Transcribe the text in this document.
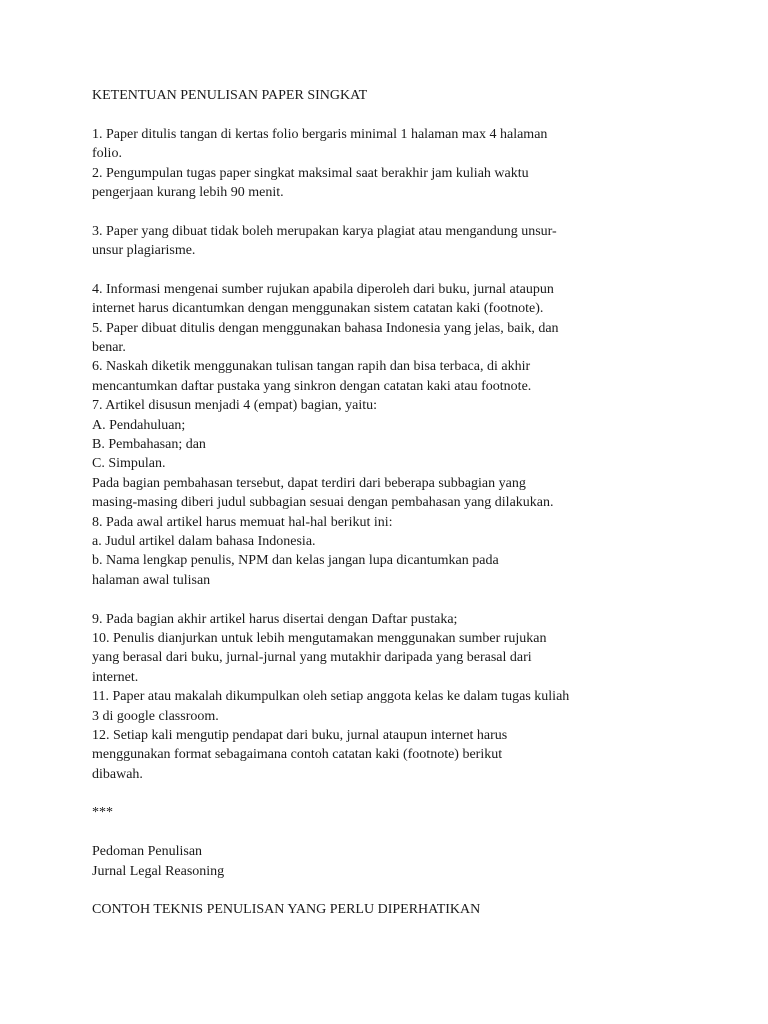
KETENTUAN PENULISAN PAPER SINGKAT
1. Paper ditulis tangan di kertas folio bergaris minimal 1 halaman max 4 halaman
folio.
2. Pengumpulan tugas paper singkat maksimal saat berakhir jam kuliah waktu
pengerjaan kurang lebih 90 menit.
3. Paper yang dibuat tidak boleh merupakan karya plagiat atau mengandung unsur-
unsur plagiarisme.
4. Informasi mengenai sumber rujukan apabila diperoleh dari buku, jurnal ataupun
internet harus dicantumkan dengan menggunakan sistem catatan kaki (footnote).
5. Paper dibuat ditulis dengan menggunakan bahasa Indonesia yang jelas, baik, dan
benar.
6. Naskah diketik menggunakan tulisan tangan rapih dan bisa terbaca, di akhir
mencantumkan daftar pustaka yang sinkron dengan catatan kaki atau footnote.
7. Artikel disusun menjadi 4 (empat) bagian, yaitu:
A. Pendahuluan;
B. Pembahasan; dan
C. Simpulan.
Pada bagian pembahasan tersebut, dapat terdiri dari beberapa subbagian yang
masing-masing diberi judul subbagian sesuai dengan pembahasan yang dilakukan.
8. Pada awal artikel harus memuat hal-hal berikut ini:
a. Judul artikel dalam bahasa Indonesia.
b. Nama lengkap penulis, NPM dan kelas jangan lupa dicantumkan pada
halaman awal tulisan
9. Pada bagian akhir artikel harus disertai dengan Daftar pustaka;
10. Penulis dianjurkan untuk lebih mengutamakan menggunakan sumber rujukan
yang berasal dari buku, jurnal-jurnal yang mutakhir daripada yang berasal dari
internet.
11. Paper atau makalah dikumpulkan oleh setiap anggota kelas ke dalam tugas kuliah
3 di google classroom.
12. Setiap kali mengutip pendapat dari buku, jurnal ataupun internet harus
menggunakan format sebagaimana contoh catatan kaki (footnote) berikut
dibawah.
***
Pedoman Penulisan
Jurnal Legal Reasoning
CONTOH TEKNIS PENULISAN YANG PERLU DIPERHATIKAN
